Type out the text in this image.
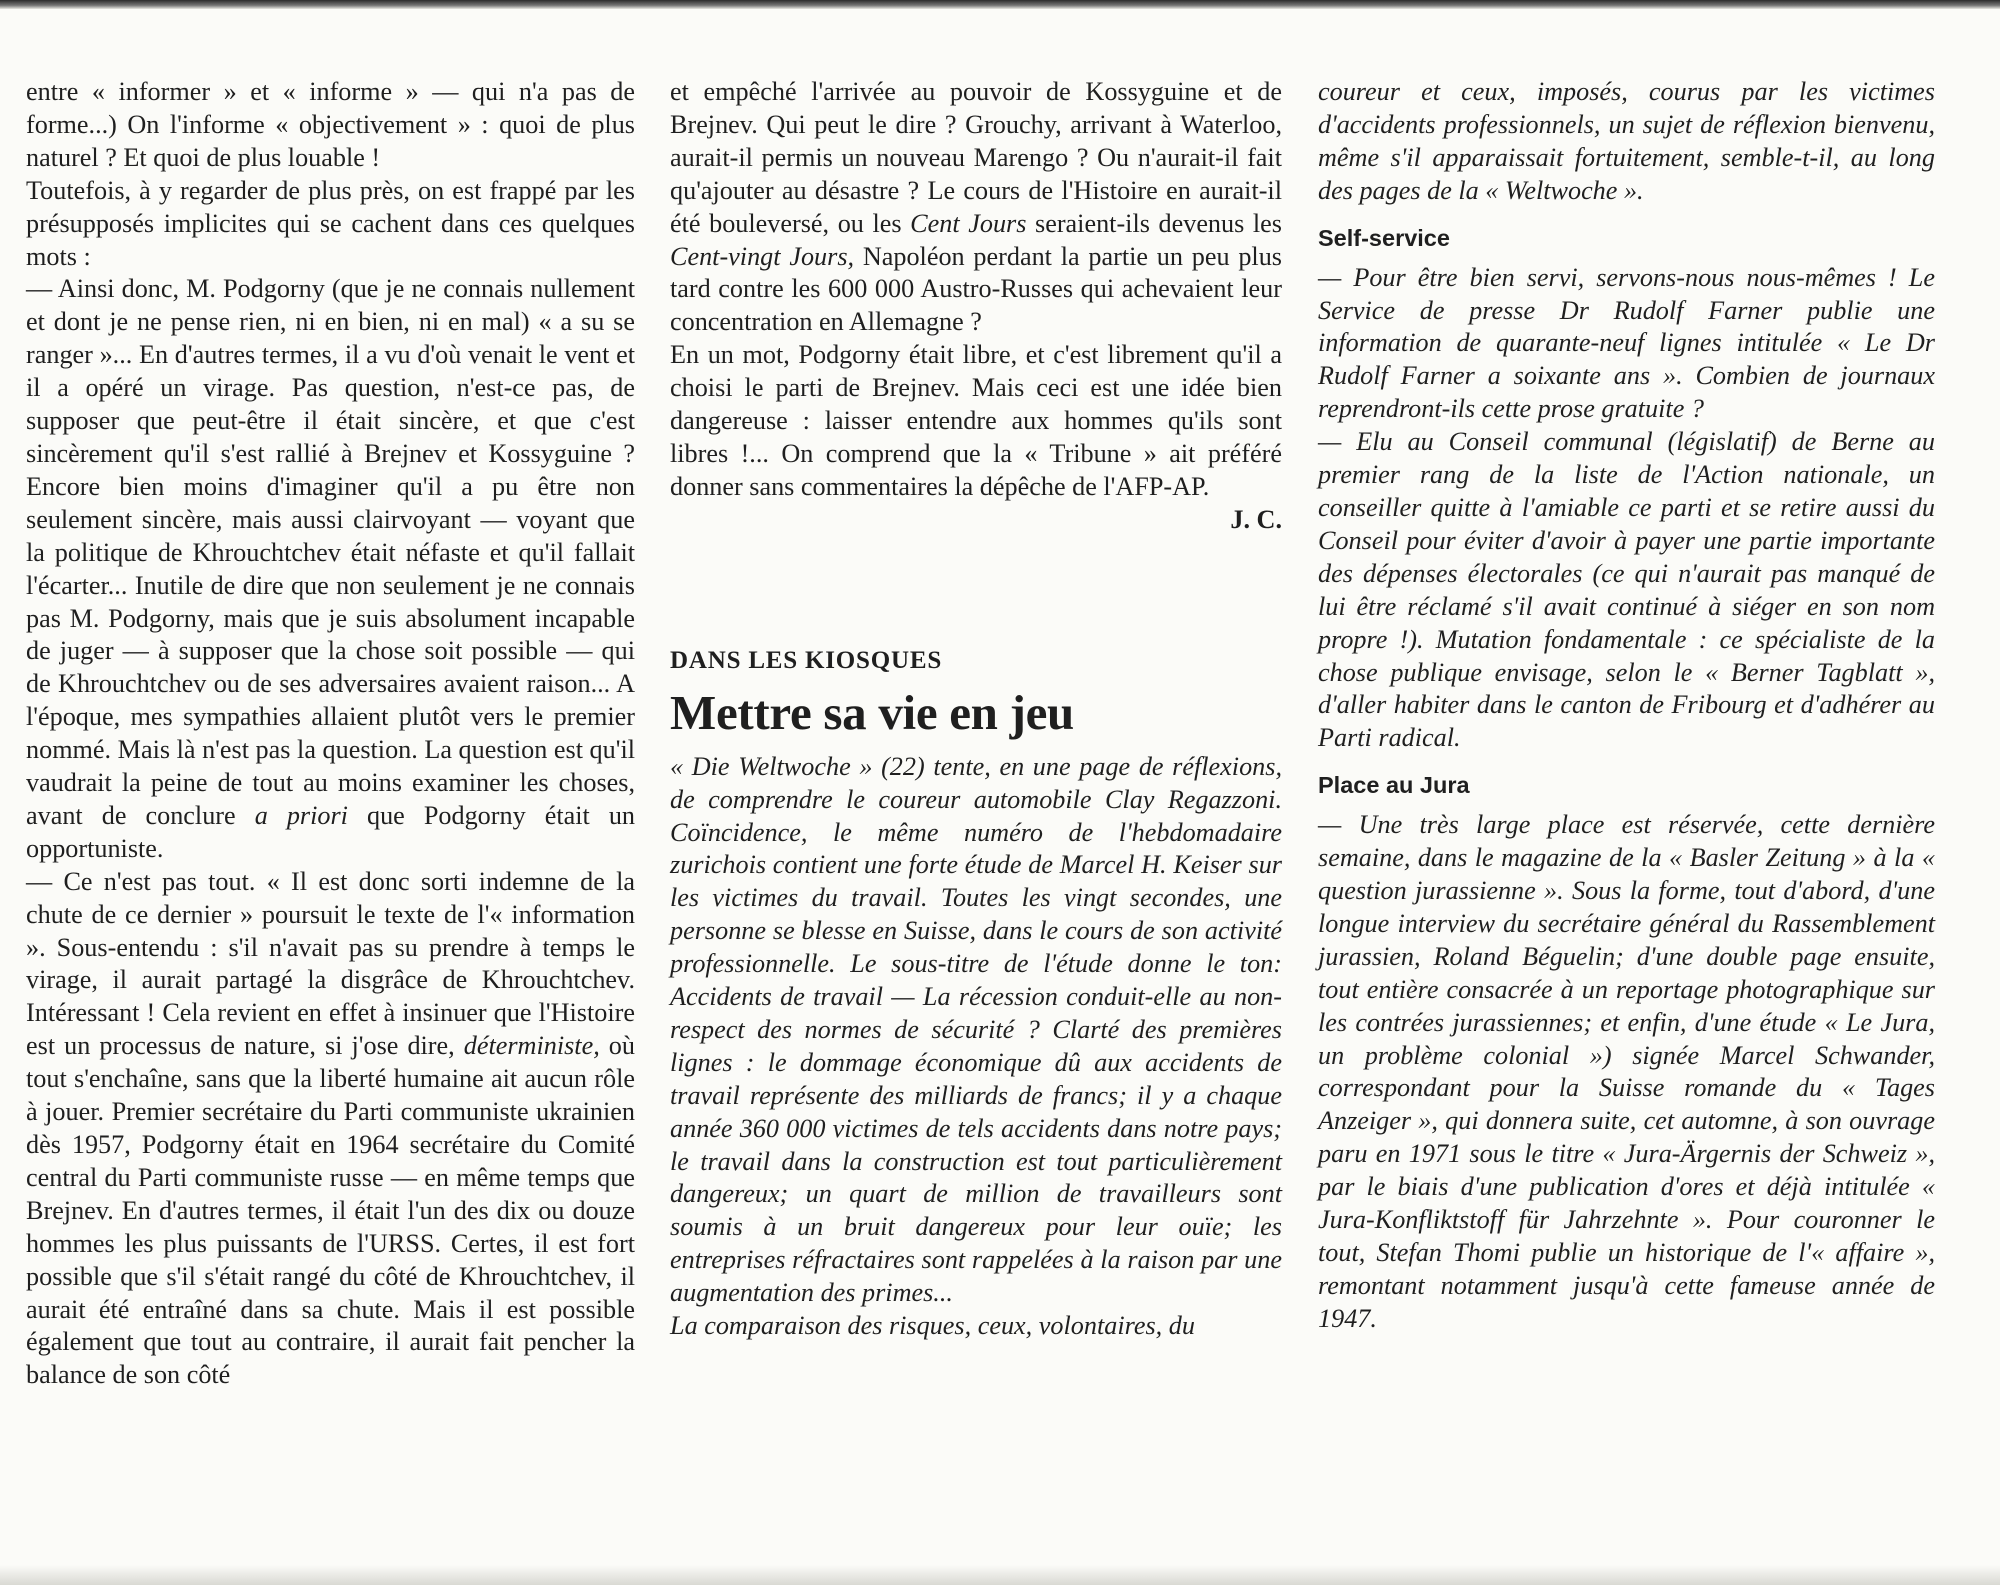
entre « informer » et « informe » — qui n'a pas de forme...) On l'informe « objectivement » : quoi de plus naturel ? Et quoi de plus louable !

Toutefois, à y regarder de plus près, on est frappé par les présupposés implicites qui se cachent dans ces quelques mots :

— Ainsi donc, M. Podgorny (que je ne connais nullement et dont je ne pense rien, ni en bien, ni en mal) « a su se ranger »... En d'autres termes, il a vu d'où venait le vent et il a opéré un virage. Pas question, n'est-ce pas, de supposer que peut-être il était sincère, et que c'est sincèrement qu'il s'est rallié à Brejnev et Kossyguine ? Encore bien moins d'imaginer qu'il a pu être non seulement sincère, mais aussi clairvoyant — voyant que la politique de Khrouchtchev était néfaste et qu'il fallait l'écarter... Inutile de dire que non seulement je ne connais pas M. Podgorny, mais que je suis absolument incapable de juger — à supposer que la chose soit possible — qui de Khrouchtchev ou de ses adversaires avaient raison... A l'époque, mes sympathies allaient plutôt vers le premier nommé. Mais là n'est pas la question. La question est qu'il vaudrait la peine de tout au moins examiner les choses, avant de conclure a priori que Podgorny était un opportuniste.

— Ce n'est pas tout. « Il est donc sorti indemne de la chute de ce dernier » poursuit le texte de l'« information ». Sous-entendu : s'il n'avait pas su prendre à temps le virage, il aurait partagé la disgrâce de Khrouchtchev. Intéressant ! Cela revient en effet à insinuer que l'Histoire est un processus de nature, si j'ose dire, déterministe, où tout s'enchaîne, sans que la liberté humaine ait aucun rôle à jouer. Premier secrétaire du Parti communiste ukrainien dès 1957, Podgorny était en 1964 secrétaire du Comité central du Parti communiste russe — en même temps que Brejnev. En d'autres termes, il était l'un des dix ou douze hommes les plus puissants de l'URSS. Certes, il est fort possible que s'il s'était rangé du côté de Khrouchtchev, il aurait été entraîné dans sa chute. Mais il est possible également que tout au contraire, il aurait fait pencher la balance de son côté

et empêché l'arrivée au pouvoir de Kossyguine et de Brejnev. Qui peut le dire ? Grouchy, arrivant à Waterloo, aurait-il permis un nouveau Marengo ? Ou n'aurait-il fait qu'ajouter au désastre ? Le cours de l'Histoire en aurait-il été bouleversé, ou les Cent Jours seraient-ils devenus les Cent-vingt Jours, Napoléon perdant la partie un peu plus tard contre les 600 000 Austro-Russes qui achevaient leur concentration en Allemagne ?

En un mot, Podgorny était libre, et c'est librement qu'il a choisi le parti de Brejnev. Mais ceci est une idée bien dangereuse : laisser entendre aux hommes qu'ils sont libres !... On comprend que la « Tribune » ait préféré donner sans commentaires la dépêche de l'AFP-AP.

J. C.

DANS LES KIOSQUES
Mettre sa vie en jeu

« Die Weltwoche » (22) tente, en une page de réflexions, de comprendre le coureur automobile Clay Regazzoni. Coïncidence, le même numéro de l'hebdomadaire zurichois contient une forte étude de Marcel H. Keiser sur les victimes du travail. Toutes les vingt secondes, une personne se blesse en Suisse, dans le cours de son activité professionnelle. Le sous-titre de l'étude donne le ton: Accidents de travail — La récession conduit-elle au non-respect des normes de sécurité ? Clarté des premières lignes : le dommage économique dû aux accidents de travail représente des milliards de francs; il y a chaque année 360 000 victimes de tels accidents dans notre pays; le travail dans la construction est tout particulièrement dangereux; un quart de million de travailleurs sont soumis à un bruit dangereux pour leur ouïe; les entreprises réfractaires sont rappelées à la raison par une augmentation des primes...

La comparaison des risques, ceux, volontaires, du

coureur et ceux, imposés, courus par les victimes d'accidents professionnels, un sujet de réflexion bienvenu, même s'il apparaissait fortuitement, semble-t-il, au long des pages de la « Weltwoche ».

Self-service

— Pour être bien servi, servons-nous nous-mêmes ! Le Service de presse Dr Rudolf Farner publie une information de quarante-neuf lignes intitulée « Le Dr Rudolf Farner a soixante ans ». Combien de journaux reprendront-ils cette prose gratuite ?

— Elu au Conseil communal (législatif) de Berne au premier rang de la liste de l'Action nationale, un conseiller quitte à l'amiable ce parti et se retire aussi du Conseil pour éviter d'avoir à payer une partie importante des dépenses électorales (ce qui n'aurait pas manqué de lui être réclamé s'il avait continué à siéger en son nom propre !). Mutation fondamentale : ce spécialiste de la chose publique envisage, selon le « Berner Tagblatt », d'aller habiter dans le canton de Fribourg et d'adhérer au Parti radical.

Place au Jura

— Une très large place est réservée, cette dernière semaine, dans le magazine de la « Basler Zeitung » à la « question jurassienne ». Sous la forme, tout d'abord, d'une longue interview du secrétaire général du Rassemblement jurassien, Roland Béguelin; d'une double page ensuite, tout entière consacrée à un reportage photographique sur les contrées jurassiennes; et enfin, d'une étude « Le Jura, un problème colonial ») signée Marcel Schwander, correspondant pour la Suisse romande du « Tages Anzeiger », qui donnera suite, cet automne, à son ouvrage paru en 1971 sous le titre « Jura-Ärgernis der Schweiz », par le biais d'une publication d'ores et déjà intitulée « Jura-Konfliktstoff für Jahrzehnte ». Pour couronner le tout, Stefan Thomi publie un historique de l'« affaire », remontant notamment jusqu'à cette fameuse année de 1947.
